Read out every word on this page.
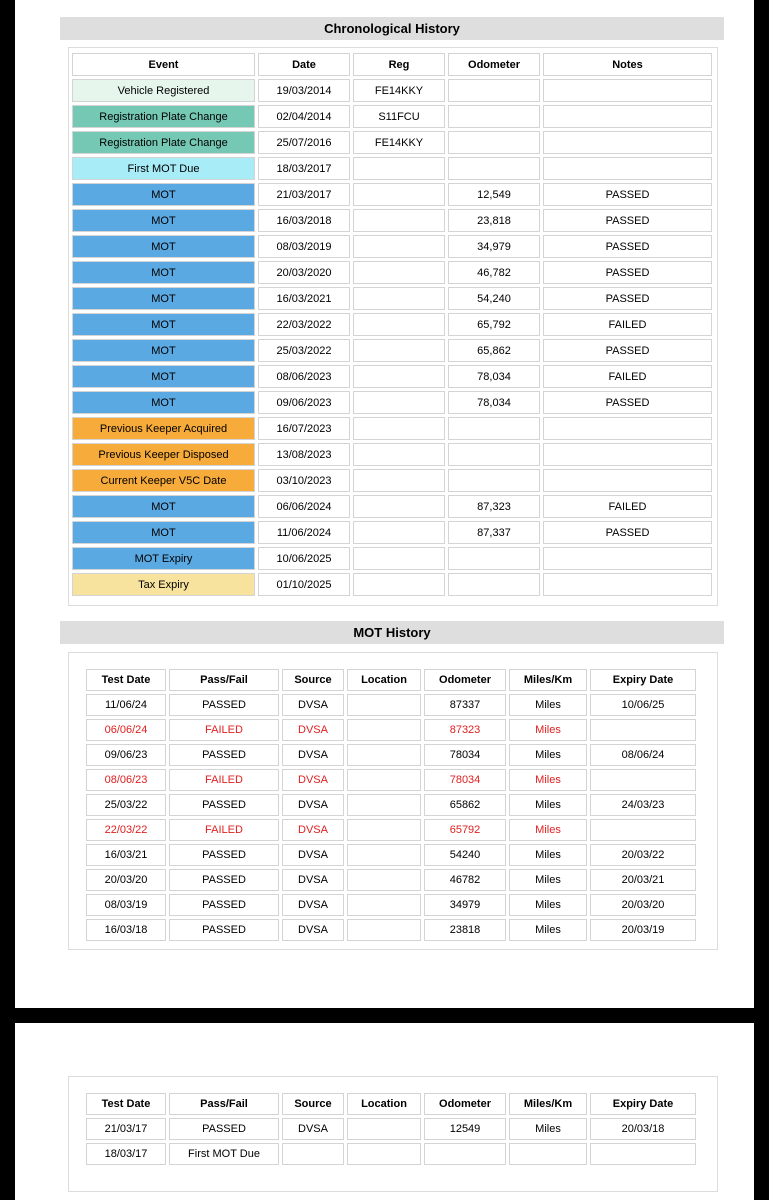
Chronological History
Event	Date	Reg	Odometer	Notes
Vehicle Registered	19/03/2014	FE14KKY		
Registration Plate Change	02/04/2014	S11FCU		
Registration Plate Change	25/07/2016	FE14KKY		
First MOT Due	18/03/2017			
MOT	21/03/2017		12,549	PASSED
MOT	16/03/2018		23,818	PASSED
MOT	08/03/2019		34,979	PASSED
MOT	20/03/2020		46,782	PASSED
MOT	16/03/2021		54,240	PASSED
MOT	22/03/2022		65,792	FAILED
MOT	25/03/2022		65,862	PASSED
MOT	08/06/2023		78,034	FAILED
MOT	09/06/2023		78,034	PASSED
Previous Keeper Acquired	16/07/2023			
Previous Keeper Disposed	13/08/2023			
Current Keeper V5C Date	03/10/2023			
MOT	06/06/2024		87,323	FAILED
MOT	11/06/2024		87,337	PASSED
MOT Expiry	10/06/2025			
Tax Expiry	01/10/2025			
MOT History
Test Date	Pass/Fail	Source	Location	Odometer	Miles/Km	Expiry Date
11/06/24	PASSED	DVSA		87337	Miles	10/06/25
06/06/24	FAILED	DVSA		87323	Miles	
09/06/23	PASSED	DVSA		78034	Miles	08/06/24
08/06/23	FAILED	DVSA		78034	Miles	
25/03/22	PASSED	DVSA		65862	Miles	24/03/23
22/03/22	FAILED	DVSA		65792	Miles	
16/03/21	PASSED	DVSA		54240	Miles	20/03/22
20/03/20	PASSED	DVSA		46782	Miles	20/03/21
08/03/19	PASSED	DVSA		34979	Miles	20/03/20
16/03/18	PASSED	DVSA		23818	Miles	20/03/19
Test Date	Pass/Fail	Source	Location	Odometer	Miles/Km	Expiry Date
21/03/17	PASSED	DVSA		12549	Miles	20/03/18
18/03/17	First MOT Due					
